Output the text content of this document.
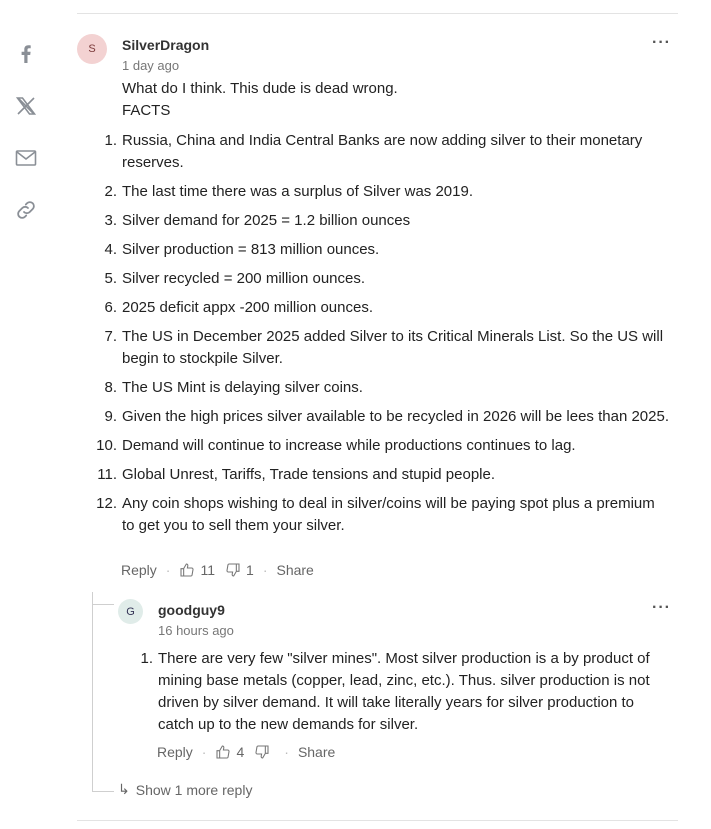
S SilverDragon
1 day ago
···

What do I think. This dude is dead wrong.

FACTS

1. Russia, China and India Central Banks are now adding silver to their monetary reserves.
2. The last time there was a surplus of Silver was 2019.
3. Silver demand for 2025 = 1.2 billion ounces
4. Silver production = 813 million ounces.
5. Silver recycled = 200 million ounces.
6. 2025 deficit appx -200 million ounces.
7. The US in December 2025 added Silver to its Critical Minerals List. So the US will begin to stockpile Silver.
8. The US Mint is delaying silver coins.
9. Given the high prices silver available to be recycled in 2026 will be lees than 2025.
10. Demand will continue to increase while productions continues to lag.
11. Global Unrest, Tariffs, Trade tensions and stupid people.
12. Any coin shops wishing to deal in silver/coins will be paying spot plus a premium to get you to sell them your silver.
Reply · 11 1 · Share
G goodguy9
16 hours ago
···
1. There are very few "silver mines". Most silver production is a by product of mining base metals (copper, lead, zinc, etc.). Thus. silver production is not driven by silver demand. It will take literally years for silver production to catch up to the new demands for silver.
Reply · 4	· Share
↳ Show 1 more reply
